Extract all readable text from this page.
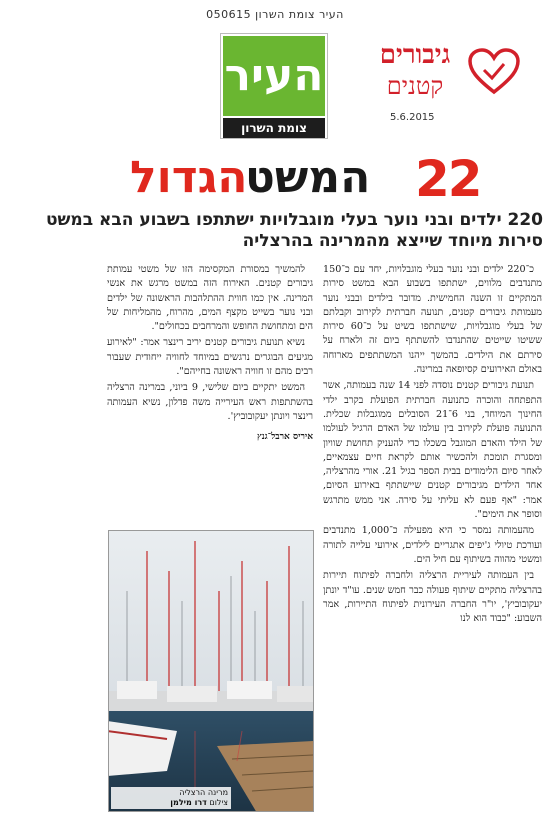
העיר צומת השרון 050615
העיר
צומת השרון
גיבורים
קטנים
5.6.2015
הגדול
המשט 22
220 ילדים ובני נוער בעלי מוגבלויות ישתתפו בשבוע הבא במשט סירות מיוחד שייצא מהמרינה בהרצליה

כ־220 ילדים ובני נוער בעלי מוגבלויות, יחד עם כ־150 מתנדבים מלווים, ישתתפו בשבוע הבא במשט סירות המתקיים זו השנה החמישית. מדובר בילדים ובבני נוער מעמותת גיבורים קטנים, תנועה חברתית לקירוב וקבלתם של בעלי מוגבלויות, שישתתפו בשיט על כ־60 סירות ששיטו שייטים שהתנדבו להשתתף ביום זה ולארח על סירתם את הילדים. בהמשך ייהנו המשתתפים מארוחה באולם האירועים קסיופאה במרינה.

תנועת גיבורים קטנים נוסדה לפני 14 שנה בעמותה, אשר התפתחה והוכרה כתנועה חברתית הפועלת בקרב ילדי החינוך המיוחד, בני 6־21 הסובלים ממוגבלות שכלית. התנועה פועלת לקירוב בין עולמו של האדם הרגיל לעולמו של הילד והאדם המוגבל בשכלו כדי להעניק תחושת שוויון ומסגרת תומכת ולהכשיר אותם לקראת חיים עצמאיים, לאחר סיום הלימודים בבית הספר בגיל 21. אורי מהרצליה, אחד הילדים מגיבורים קטנים שיישתתף באירוע הסיום, אמר: "אף פעם לא עליתי על סירה. אני ממש מתרגש וסופר את הימים".

מהעמותה נמסר כי היא מפעילה כ־1,000 מתנדבים ועורכת טיולי ג'יפים אתגריים לילדים, אירועי עלייה לתורה ומשטי מהווה בשיתוף עם חיל הים.

בין העמותה לעיריית הרצליה ולחברה לפיתוח תיירות בהרצליה מתקיים שיתוף פעולה כבר חמש שנים. עו"ד יונתן יעקובוביץ', יו"ר החברה העירונית לפיתוח התיירות, אמר השבוע: "כבוד הוא לנו

להמשיך במסורת המקסימה הזו של משטי עמותת גיבורים קטנים. האירוח הזה במשט מרגש את אנשי המרינה. אין כמו חווית ההתלהבות הראשונה של ילדים ובני נוער בשייט מקצף המים, מהרוח, מהמליחות של הים ומתחושת החופש והמרחבים בכחולים".

נשיא תנועת גיבורים קטנים יריב רינצר אמר: "לאירוע מגיעים הבוגרים נרגשים במיוחד לחוויה ייחודית שעבור רבים מהם זו חוויה ראשונה בחייהם".

המשט יתקיים ביום שלישי, 9 ביוני, במרינה הרצליה בהשתתפות ראש העירייה משה פדלון, נשיא העמותה רינצר ויונתן יעקובוביץ'.

איריס ארבל־גנץ
מרינה הרצליה
צילום דרו מילמן
